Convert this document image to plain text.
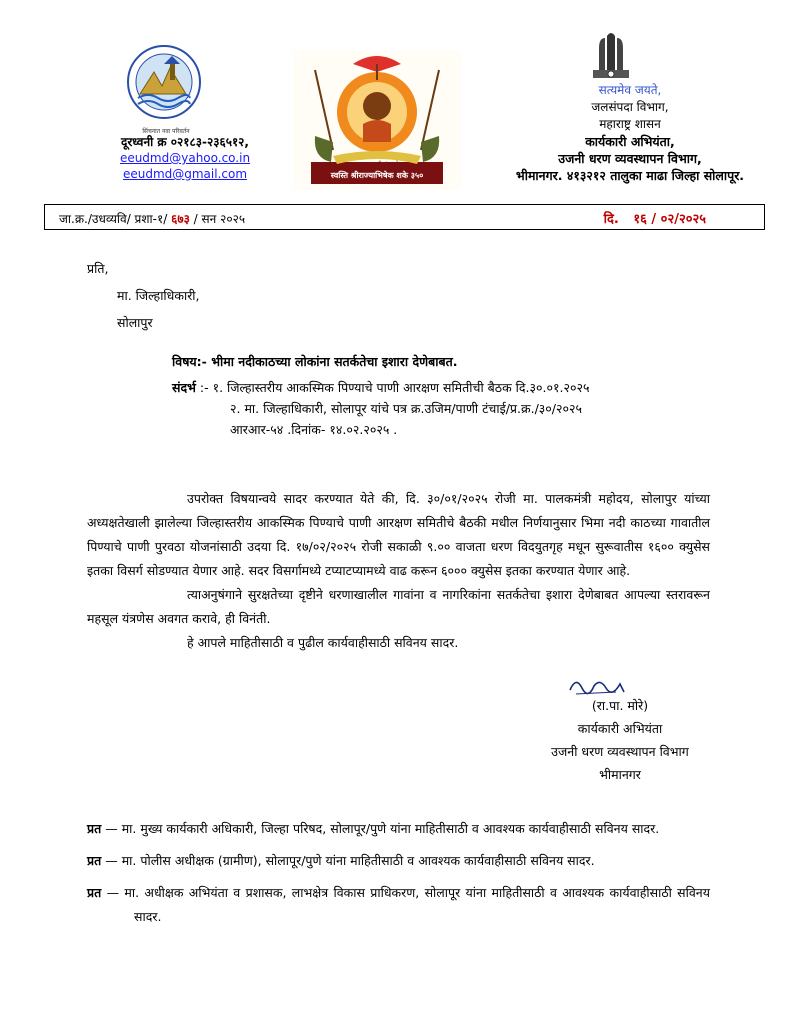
सिंचनात नवा परिवर्तन
शक्य नाही संभवते
स्वस्ति श्रीराज्याभिषेक शके ३५०
दूरध्वनी क्र ०२१८३-२३६५१२,
eeudmd@yahoo.co.in
eeudmd@gmail.com
सत्यमेव जयते,
जलसंपदा विभाग,
महाराष्ट्र शासन
कार्यकारी अभियंता,
उजनी धरण व्यवस्थापन विभाग,
भीमानगर. ४१३२१२ तालुका माढा जिल्हा सोलापूर.
जा.क्र./उधव्यवि/ प्रशा-१/ ६७३ / सन २०२५	दि. १६ / ०२/२०२५
प्रति,
मा. जिल्हाधिकारी,
सोलापुर
विषय:- भीमा नदीकाठच्या लोकांना सतर्कतेचा इशारा देणेबाबत.
संदर्भ :- १. जिल्हास्तरीय आकस्मिक पिण्याचे पाणी आरक्षण समितीची बैठक दि.३०.०१.२०२५
२. मा. जिल्हाधिकारी, सोलापूर यांचे पत्र क्र.उजिम/पाणी टंचाई/प्र.क्र./३०/२०२५
आरआर-५४ .दिनांक- १४.०२.२०२५ .

उपरोक्त विषयान्वये सादर करण्यात येते की, दि. ३०/०१/२०२५ रोजी मा. पालकमंत्री महोदय, सोलापुर यांच्या अध्यक्षतेखाली झालेल्या जिल्हास्तरीय आकस्मिक पिण्याचे पाणी आरक्षण समितीचे बैठकी मधील निर्णयानुसार भिमा नदी काठच्या गावातील पिण्याचे पाणी पुरवठा योजनांसाठी उदया दि. १७/०२/२०२५ रोजी सकाळी ९.०० वाजता धरण विदयुतगृह मधून सुरूवातीस १६०० क्युसेस इतका विसर्ग सोडण्यात येणार आहे. सदर विसर्गामध्ये टप्याटप्यामध्ये वाढ करून ६००० क्युसेस इतका करण्यात येणार आहे.

त्याअनुषंगाने सुरक्षतेच्या दृष्टीने धरणाखालील गावांना व नागरिकांना सतर्कतेचा इशारा देणेबाबत आपल्या स्तरावरून महसूल यंत्रणेस अवगत करावे, ही विनंती.

हे आपले माहितीसाठी व पुढील कार्यवाहीसाठी सविनय सादर.

(रा.पा. मोरे)
कार्यकारी अभियंता
उजनी धरण व्यवस्थापन विभाग
भीमानगर

प्रत — मा. मुख्य कार्यकारी अधिकारी, जिल्हा परिषद, सोलापूर/पुणे यांना माहितीसाठी व आवश्यक कार्यवाहीसाठी सविनय सादर.

प्रत — मा. पोलीस अधीक्षक (ग्रामीण), सोलापूर/पुणे यांना माहितीसाठी व आवश्यक कार्यवाहीसाठी सविनय सादर.

प्रत — मा. अधीक्षक अभियंता व प्रशासक, लाभक्षेत्र विकास प्राधिकरण, सोलापूर यांना माहितीसाठी व आवश्यक कार्यवाहीसाठी सविनय सादर.
